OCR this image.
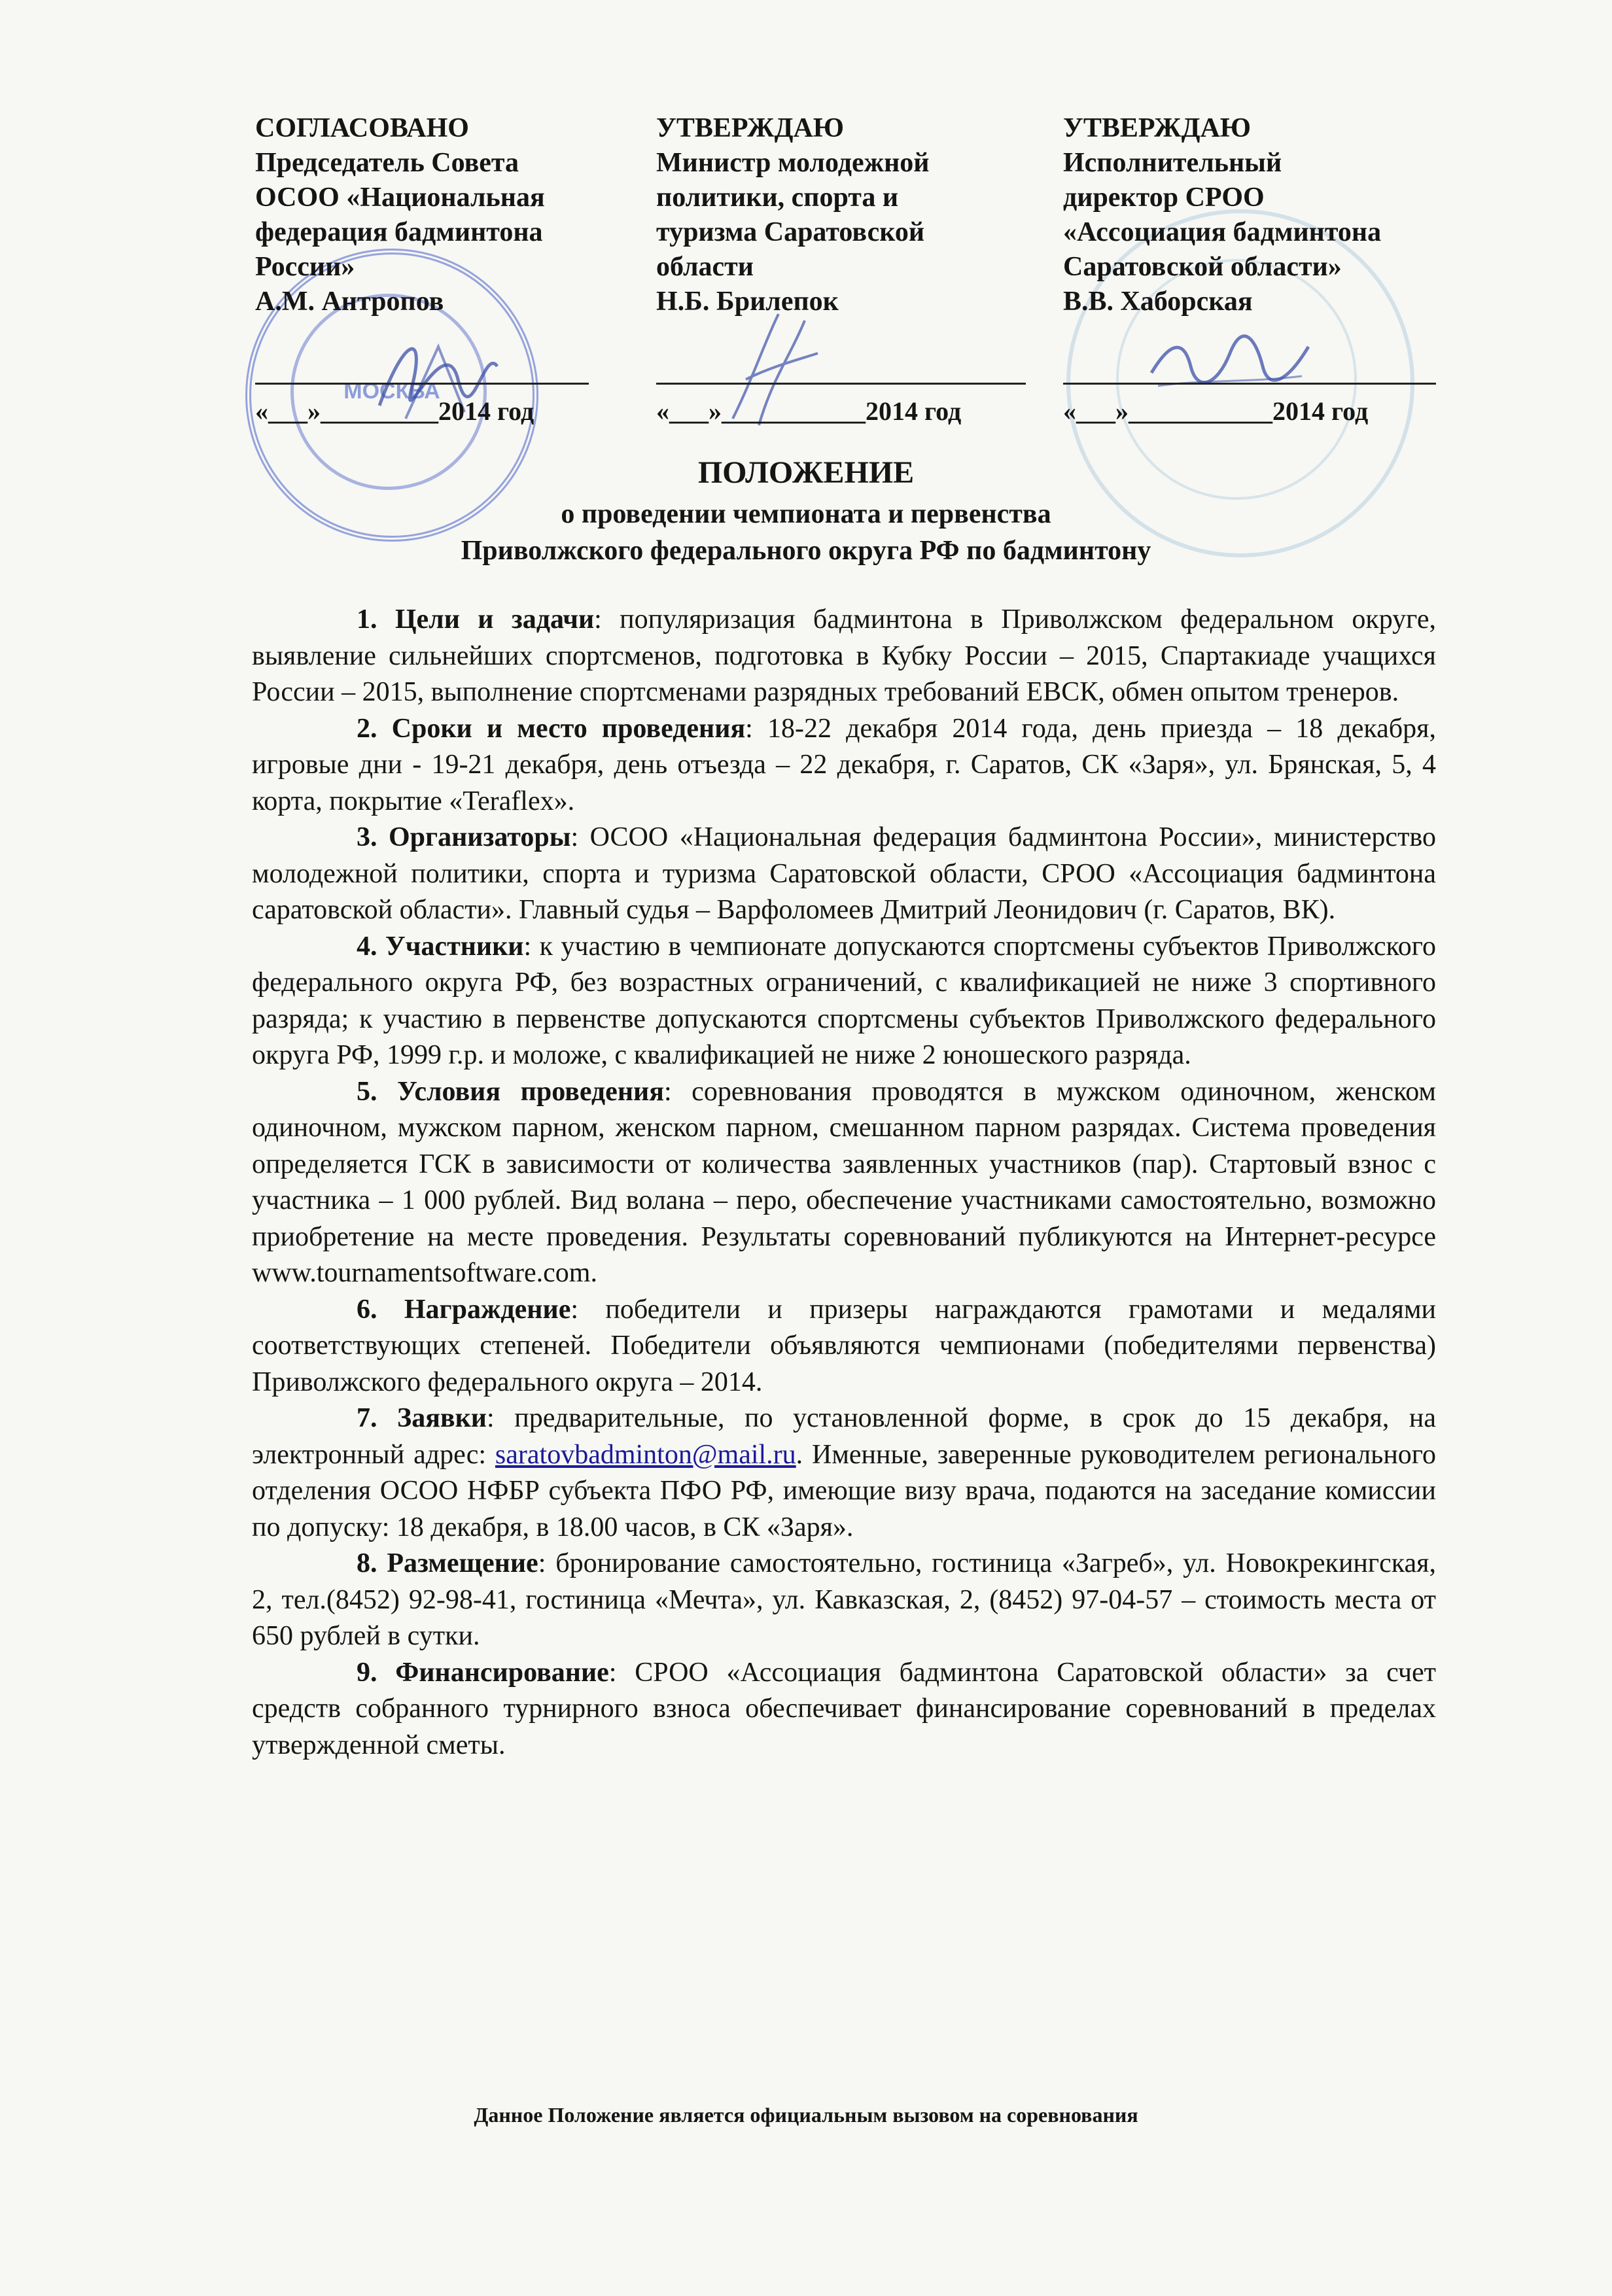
МОСКВА
СОГЛАСОВАНО
Председатель Совета
ОСОО «Национальная
федерация бадминтона
России»
А.М. Антропов
«___»_________2014 год
УТВЕРЖДАЮ
Министр молодежной
политики, спорта и
туризма Саратовской
области
Н.Б. Брилепок
«___»___________2014 год
УТВЕРЖДАЮ
Исполнительный
директор СРОО
«Ассоциация бадминтона
Саратовской области»
В.В. Хаборская
«___»___________2014 год
ПОЛОЖЕНИЕ
о проведении чемпионата и первенства
Приволжского федерального округа РФ по бадминтону

1. Цели и задачи: популяризация бадминтона в Приволжском федеральном округе, выявление сильнейших спортсменов, подготовка в Кубку России – 2015, Спартакиаде учащихся России – 2015, выполнение спортсменами разрядных требований ЕВСК, обмен опытом тренеров.

2. Сроки и место проведения: 18-22 декабря 2014 года, день приезда – 18 декабря, игровые дни - 19-21 декабря, день отъезда – 22 декабря, г. Саратов, СК «Заря», ул. Брянская, 5, 4 корта, покрытие «Teraflex».

3. Организаторы: ОСОО «Национальная федерация бадминтона России», министерство молодежной политики, спорта и туризма Саратовской области, СРОО «Ассоциация бадминтона саратовской области». Главный судья – Варфоломеев Дмитрий Леонидович (г. Саратов, ВК).

4. Участники: к участию в чемпионате допускаются спортсмены субъектов Приволжского федерального округа РФ, без возрастных ограничений, с квалификацией не ниже 3 спортивного разряда; к участию в первенстве допускаются спортсмены субъектов Приволжского федерального округа РФ, 1999 г.р. и моложе, с квалификацией не ниже 2 юношеского разряда.

5. Условия проведения: соревнования проводятся в мужском одиночном, женском одиночном, мужском парном, женском парном, смешанном парном разрядах. Система проведения определяется ГСК в зависимости от количества заявленных участников (пар). Стартовый взнос с участника – 1 000 рублей. Вид волана – перо, обеспечение участниками самостоятельно, возможно приобретение на месте проведения. Результаты соревнований публикуются на Интернет-ресурсе www.tournamentsoftware.com.

6. Награждение: победители и призеры награждаются грамотами и медалями соответствующих степеней. Победители объявляются чемпионами (победителями первенства) Приволжского федерального округа – 2014.

7. Заявки: предварительные, по установленной форме, в срок до 15 декабря, на электронный адрес: saratovbadminton@mail.ru. Именные, заверенные руководителем регионального отделения ОСОО НФБР субъекта ПФО РФ, имеющие визу врача, подаются на заседание комиссии по допуску: 18 декабря, в 18.00 часов, в СК «Заря».

8. Размещение: бронирование самостоятельно, гостиница «Загреб», ул. Новокрекингская, 2, тел.(8452) 92-98-41, гостиница «Мечта», ул. Кавказская, 2, (8452) 97-04-57 – стоимость места от 650 рублей в сутки.

9. Финансирование: СРОО «Ассоциация бадминтона Саратовской области» за счет средств собранного турнирного взноса обеспечивает финансирование соревнований в пределах утвержденной сметы.

Данное Положение является официальным вызовом на соревнования
